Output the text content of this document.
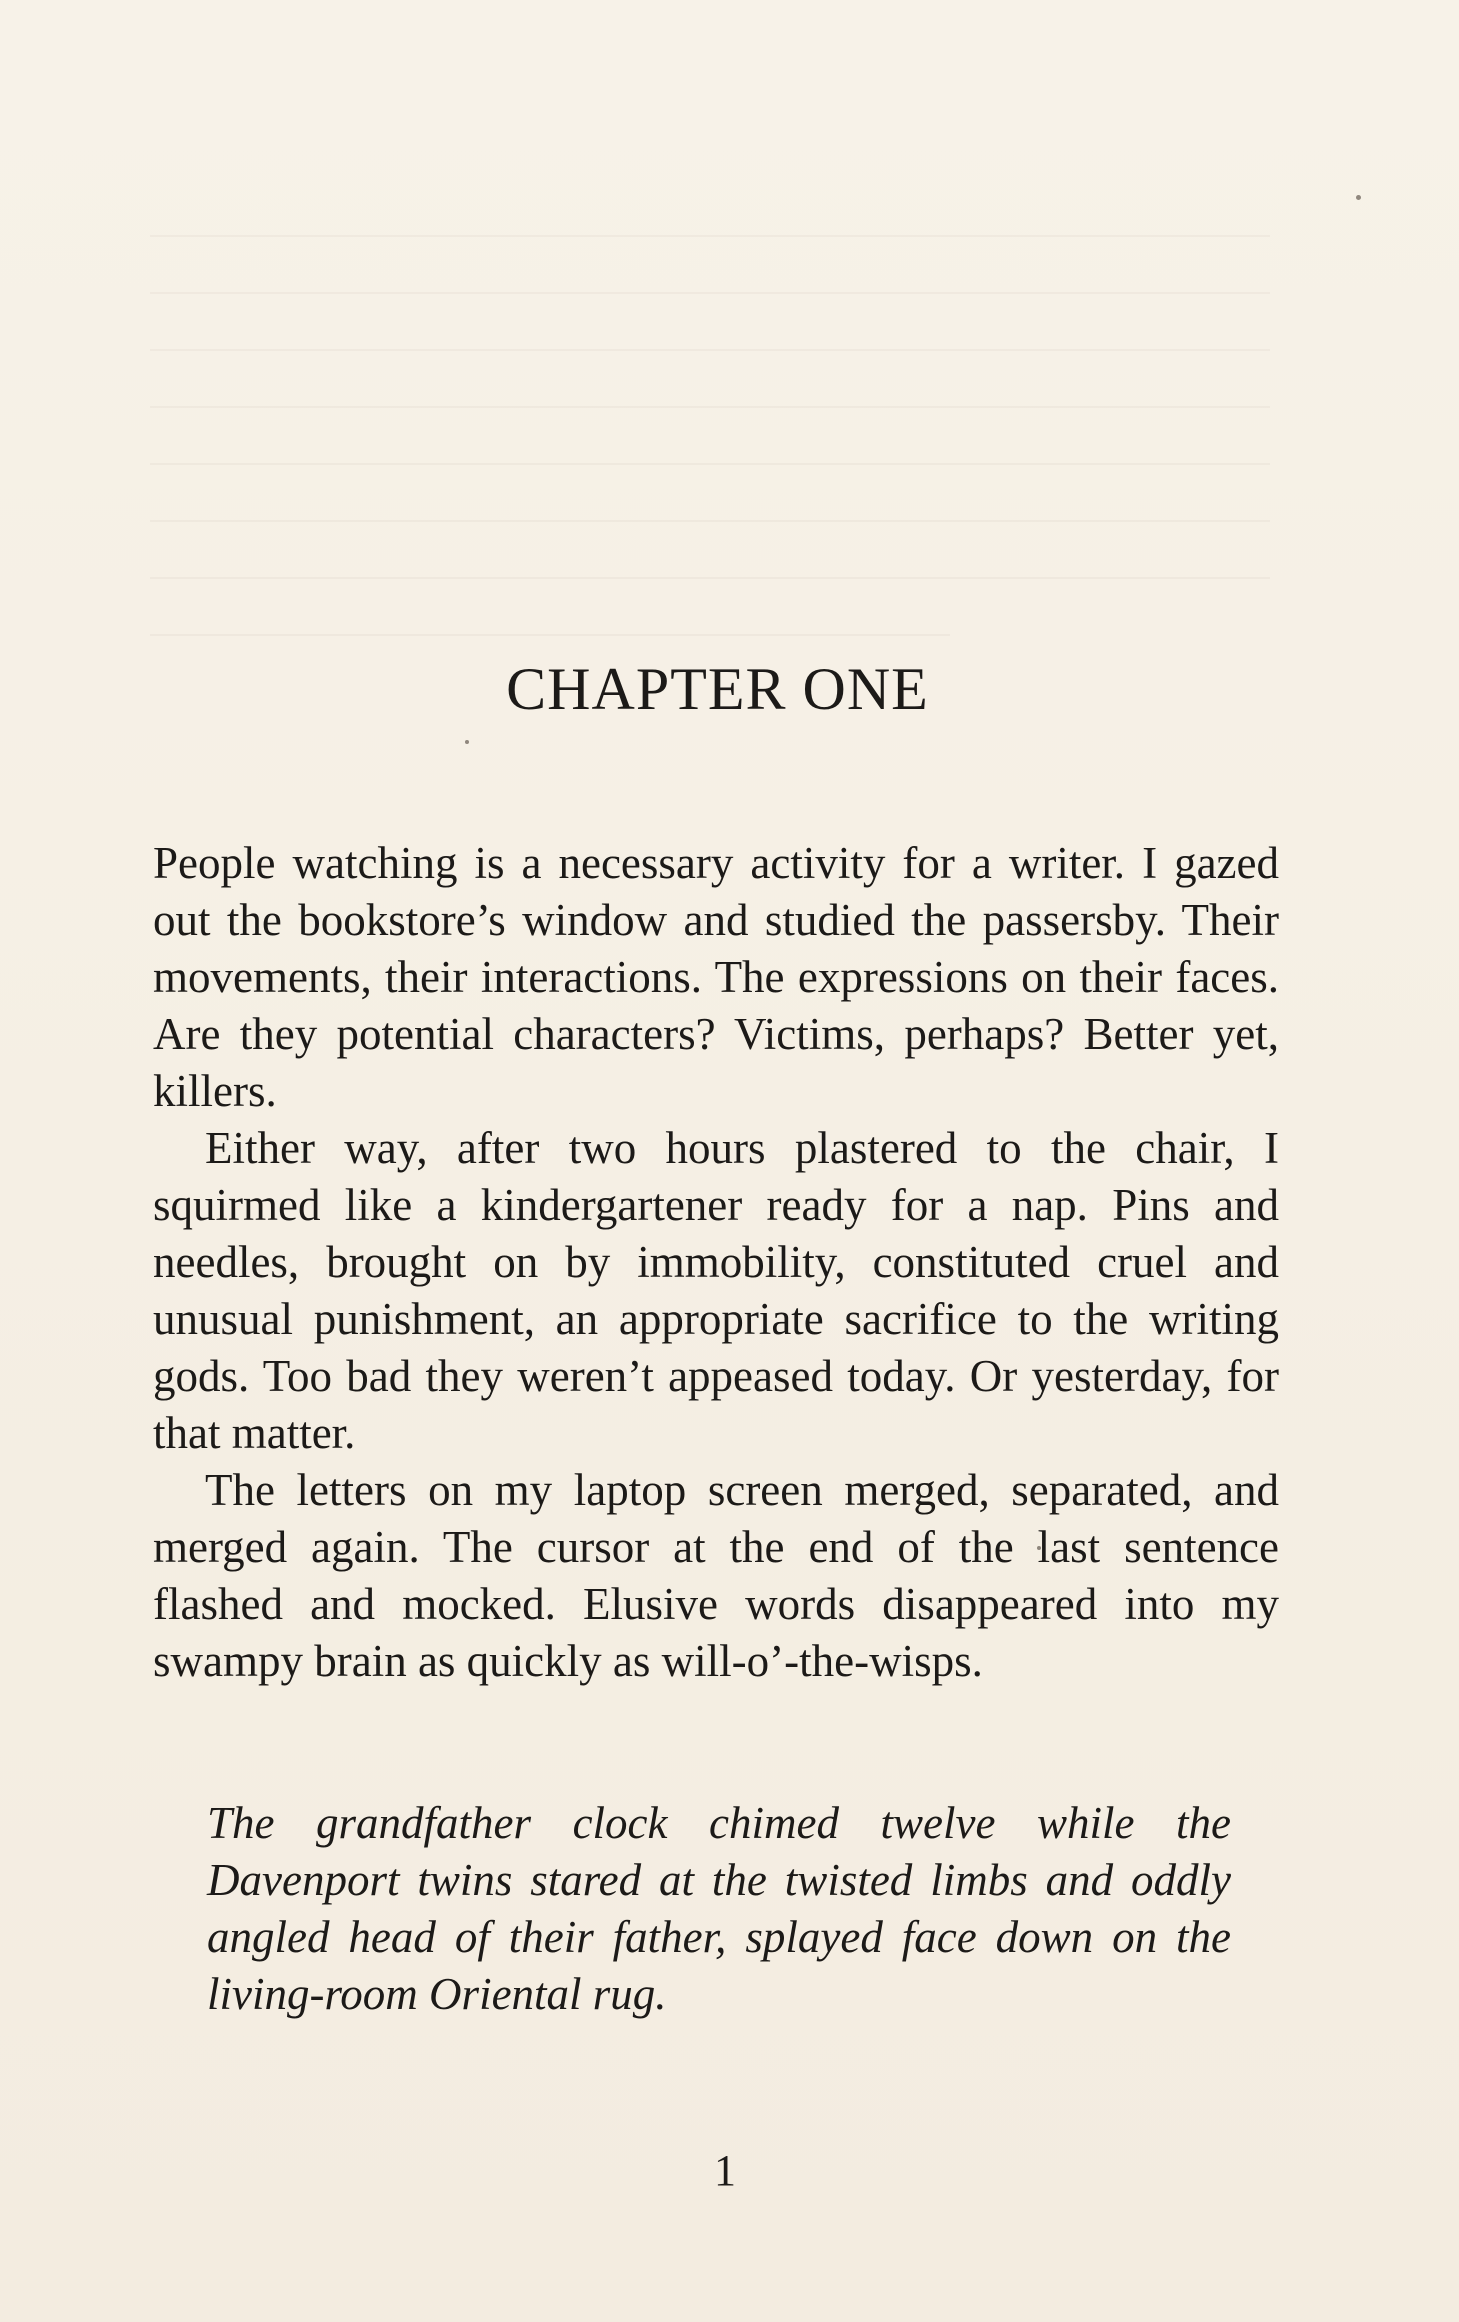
CHAPTER ONE

People watching is a necessary activity for a writer. I gazed out the bookstore’s window and studied the passersby. Their movements, their interactions. The expressions on their faces. Are they potential characters? Victims, perhaps? Better yet, killers.

Either way, after two hours plastered to the chair, I squirmed like a kindergartener ready for a nap. Pins and needles, brought on by immobility, constituted cruel and unusual punishment, an appropriate sacrifice to the writing gods. Too bad they weren’t appeased today. Or yesterday, for that matter.

The letters on my laptop screen merged, separated, and merged again. The cursor at the end of the last sentence flashed and mocked. Elusive words disappeared into my swampy brain as quickly as will-o’-the-wisps.

The grandfather clock chimed twelve while the Davenport twins stared at the twisted limbs and oddly angled head of their father, splayed face down on the living-room Oriental rug.

1
